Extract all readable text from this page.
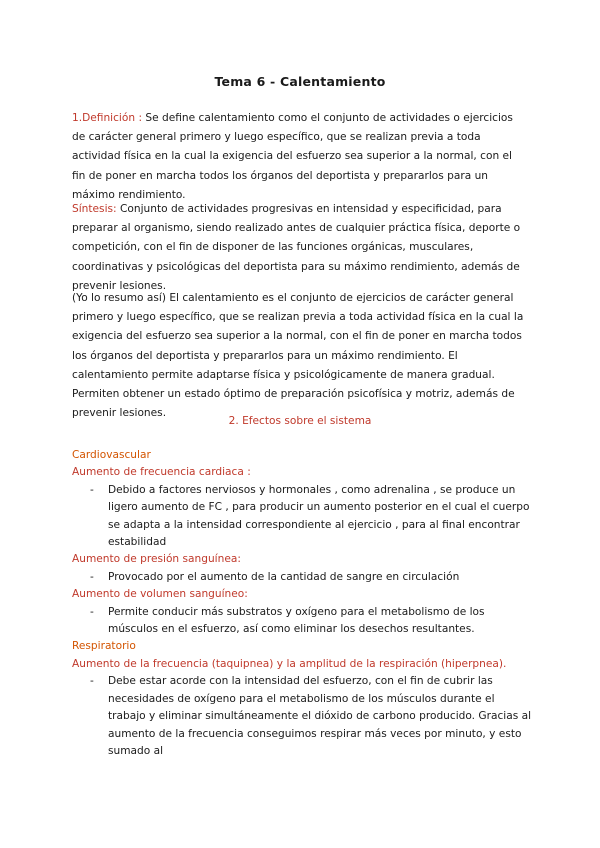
Tema 6 - Calentamiento

1.Definición : Se define calentamiento como el conjunto de actividades o ejercicios de carácter general primero y luego específico, que se realizan previa a toda actividad física en la cual la exigencia del esfuerzo sea superior a la normal, con el fin de poner en marcha todos los órganos del deportista y prepararlos para un máximo rendimiento.

Síntesis: Conjunto de actividades progresivas en intensidad y especificidad, para preparar al organismo, siendo realizado antes de cualquier práctica física, deporte o competición, con el fin de disponer de las funciones orgánicas, musculares, coordinativas y psicológicas del deportista para su máximo rendimiento, además de prevenir lesiones.

(Yo lo resumo así) El calentamiento es el conjunto de ejercicios de carácter general primero y luego específico, que se realizan previa a toda actividad física en la cual la exigencia del esfuerzo sea superior a la normal, con el fin de poner en marcha todos los órganos del deportista y prepararlos para un máximo rendimiento. El calentamiento permite adaptarse física y psicológicamente de manera gradual. Permiten obtener un estado óptimo de preparación psicofísica y motriz, además de prevenir lesiones.

2. Efectos sobre el sistema
Cardiovascular
Aumento de frecuencia cardiaca :
- Debido a factores nerviosos y hormonales , como adrenalina , se produce un ligero aumento de FC , para producir un aumento posterior en el cual el cuerpo se adapta a la intensidad correspondiente al ejercicio , para al final encontrar estabilidad
Aumento de presión sanguínea:
- Provocado por el aumento de la cantidad de sangre en circulación
Aumento de volumen sanguíneo:
- Permite conducir más substratos y oxígeno para el metabolismo de los músculos en el esfuerzo, así como eliminar los desechos resultantes.
Respiratorio
Aumento de la frecuencia (taquipnea) y la amplitud de la respiración (hiperpnea).
- Debe estar acorde con la intensidad del esfuerzo, con el fin de cubrir las necesidades de oxígeno para el metabolismo de los músculos durante el trabajo y eliminar simultáneamente el dióxido de carbono producido. Gracias al aumento de la frecuencia conseguimos respirar más veces por minuto, y esto sumado al
